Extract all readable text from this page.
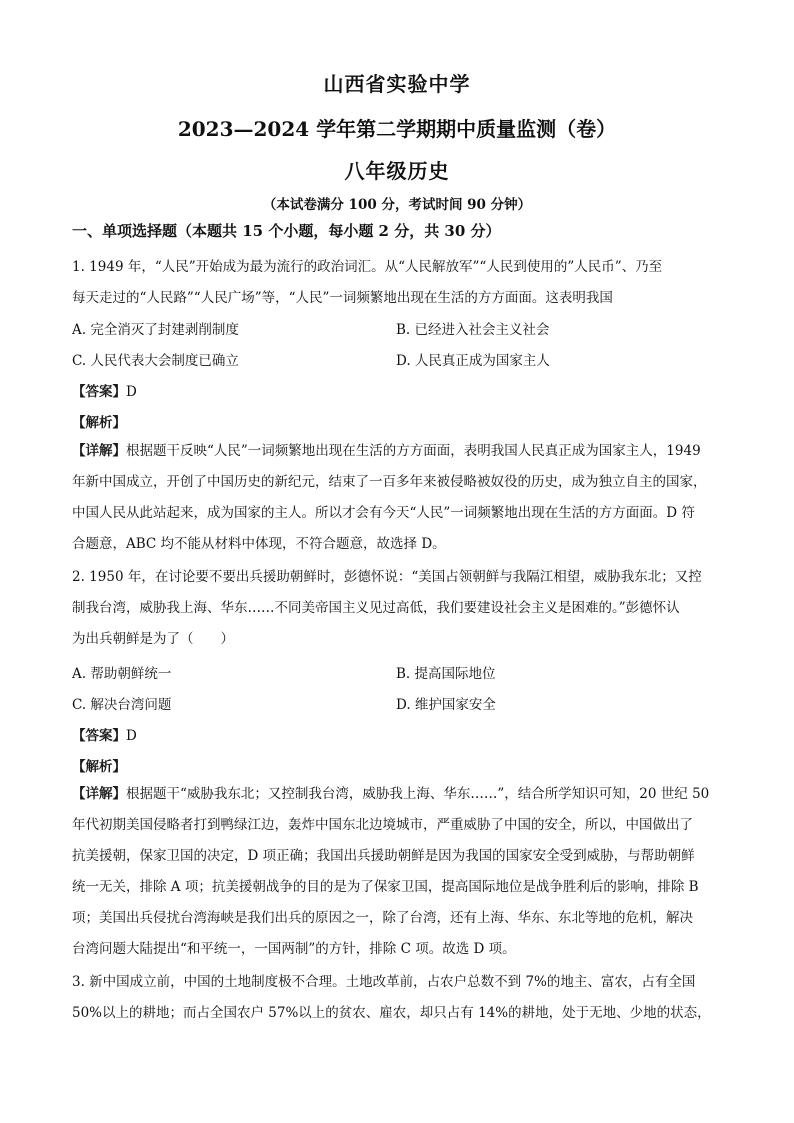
山西省实验中学
2023—2024 学年第二学期期中质量监测（卷）
八年级历史
（本试卷满分 100 分，考试时间 90 分钟）
一、单项选择题（本题共 15 个小题，每小题 2 分，共 30 分）

1. 1949 年，“人民”开始成为最为流行的政治词汇。从“人民解放军”“人民到使用的”人民币”、乃至

每天走过的“人民路”“人民广场”等，“人民”一词频繁地出现在生活的方方面面。这表明我国

A. 完全消灭了封建剥削制度	B. 已经进入社会主义社会
C. 人民代表大会制度已确立	D. 人民真正成为国家主人
【答案】D
【解析】

【详解】根据题干反映“人民”一词频繁地出现在生活的方方面面，表明我国人民真正成为国家主人，1949

年新中国成立，开创了中国历史的新纪元，结束了一百多年来被侵略被奴役的历史，成为独立自主的国家，

中国人民从此站起来，成为国家的主人。所以才会有今天“人民”一词频繁地出现在生活的方方面面。D 符

合题意，ABC 均不能从材料中体现，不符合题意，故选择 D。

2. 1950 年，在讨论要不要出兵援助朝鲜时，彭德怀说：“美国占领朝鲜与我隔江相望，威胁我东北；又控

制我台湾，威胁我上海、华东……不同美帝国主义见过高低，我们要建设社会主义是困难的。”彭德怀认

为出兵朝鲜是为了（　　）

A. 帮助朝鲜统一	B. 提高国际地位
C. 解决台湾问题	D. 维护国家安全
【答案】D
【解析】

【详解】根据题干“威胁我东北；又控制我台湾，威胁我上海、华东……”，结合所学知识可知，20 世纪 50

年代初期美国侵略者打到鸭绿江边，轰炸中国东北边境城市，严重威胁了中国的安全，所以，中国做出了

抗美援朝，保家卫国的决定，D 项正确；我国出兵援助朝鲜是因为我国的国家安全受到威胁，与帮助朝鲜

统一无关，排除 A 项；抗美援朝战争的目的是为了保家卫国，提高国际地位是战争胜利后的影响，排除 B

项；美国出兵侵扰台湾海峡是我们出兵的原因之一，除了台湾，还有上海、华东、东北等地的危机，解决

台湾问题大陆提出“和平统一，一国两制”的方针，排除 C 项。故选 D 项。

3. 新中国成立前，中国的土地制度极不合理。土地改革前，占农户总数不到 7%的地主、富农，占有全国

50%以上的耕地；而占全国农户 57%以上的贫农、雇农，却只占有 14%的耕地，处于无地、少地的状态，
